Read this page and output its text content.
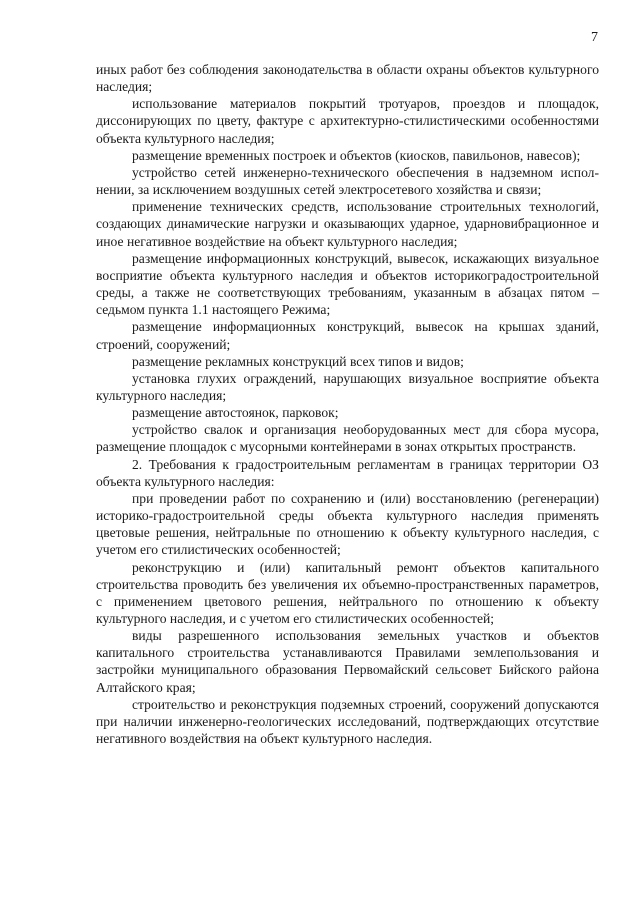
7

иных работ без соблюдения законодательства в области охраны объектов культурного наследия;

использование материалов покрытий тротуаров, проездов и площадок, диссонирующих по цвету, фактуре с архитектурно-стилистическими особенностями объекта культурного наследия;

размещение временных построек и объектов (киосков, павильонов, навесов);

устройство сетей инженерно-технического обеспечения в надземном исполнении, за исключением воздушных сетей электросетевого хозяйства и связи;

применение технических средств, использование строительных технологий, создающих динамические нагрузки и оказывающих ударное, ударновибрационное и иное негативное воздействие на объект культурного наследия;

размещение информационных конструкций, вывесок, искажающих визуальное восприятие объекта культурного наследия и объектов историкоградостроительной среды, а также не соответствующих требованиям, указанным в абзацах пятом – седьмом пункта 1.1 настоящего Режима;

размещение информационных конструкций, вывесок на крышах зданий, строений, сооружений;

размещение рекламных конструкций всех типов и видов;

установка глухих ограждений, нарушающих визуальное восприятие объекта культурного наследия;

размещение автостоянок, парковок;

устройство свалок и организация необорудованных мест для сбора мусора, размещение площадок с мусорными контейнерами в зонах открытых пространств.

2. Требования к градостроительным регламентам в границах территории ОЗ объекта культурного наследия:

при проведении работ по сохранению и (или) восстановлению (регенерации) историко-градостроительной среды объекта культурного наследия применять цветовые решения, нейтральные по отношению к объекту культурного наследия, с учетом его стилистических особенностей;

реконструкцию и (или) капитальный ремонт объектов капитального строительства проводить без увеличения их объемно-пространственных параметров, с применением цветового решения, нейтрального по отношению к объекту культурного наследия, и с учетом его стилистических особенностей;

виды разрешенного использования земельных участков и объектов капитального строительства устанавливаются Правилами землепользования и застройки муниципального образования Первомайский сельсовет Бийского района Алтайского края;

строительство и реконструкция подземных строений, сооружений допускаются при наличии инженерно-геологических исследований, подтверждающих отсутствие негативного воздействия на объект культурного наследия.
